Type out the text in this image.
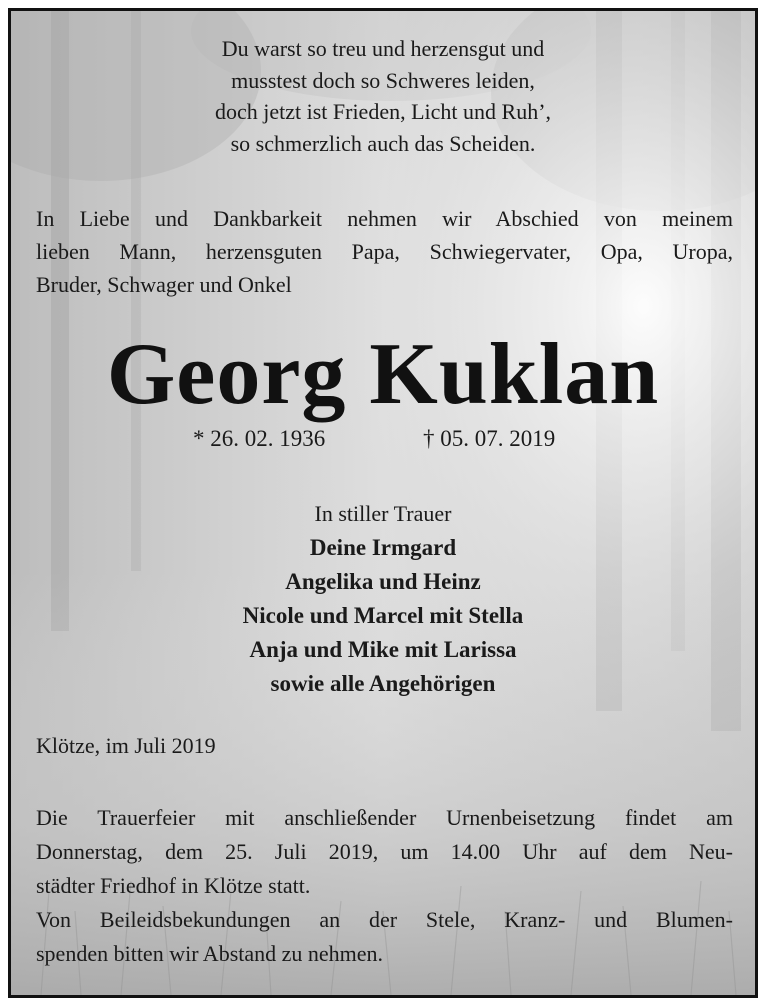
Du warst so treu und herzensgut und
musstest doch so Schweres leiden,
doch jetzt ist Frieden, Licht und Ruh’,
so schmerzlich auch das Scheiden.
In Liebe und Dankbarkeit nehmen wir Abschied von meinem
lieben Mann, herzensguten Papa, Schwiegervater, Opa, Uropa,
Bruder, Schwager und Onkel
Georg Kuklan
* 26. 02. 1936	† 05. 07. 2019
In stiller Trauer
Deine Irmgard
Angelika und Heinz
Nicole und Marcel mit Stella
Anja und Mike mit Larissa
sowie alle Angehörigen
Klötze, im Juli 2019
Die Trauerfeier mit anschließender Urnenbeisetzung findet am
Donnerstag, dem 25. Juli 2019, um 14.00 Uhr auf dem Neu-
städter Friedhof in Klötze statt.
Von Beileidsbekundungen an der Stele, Kranz- und Blumen-
spenden bitten wir Abstand zu nehmen.
